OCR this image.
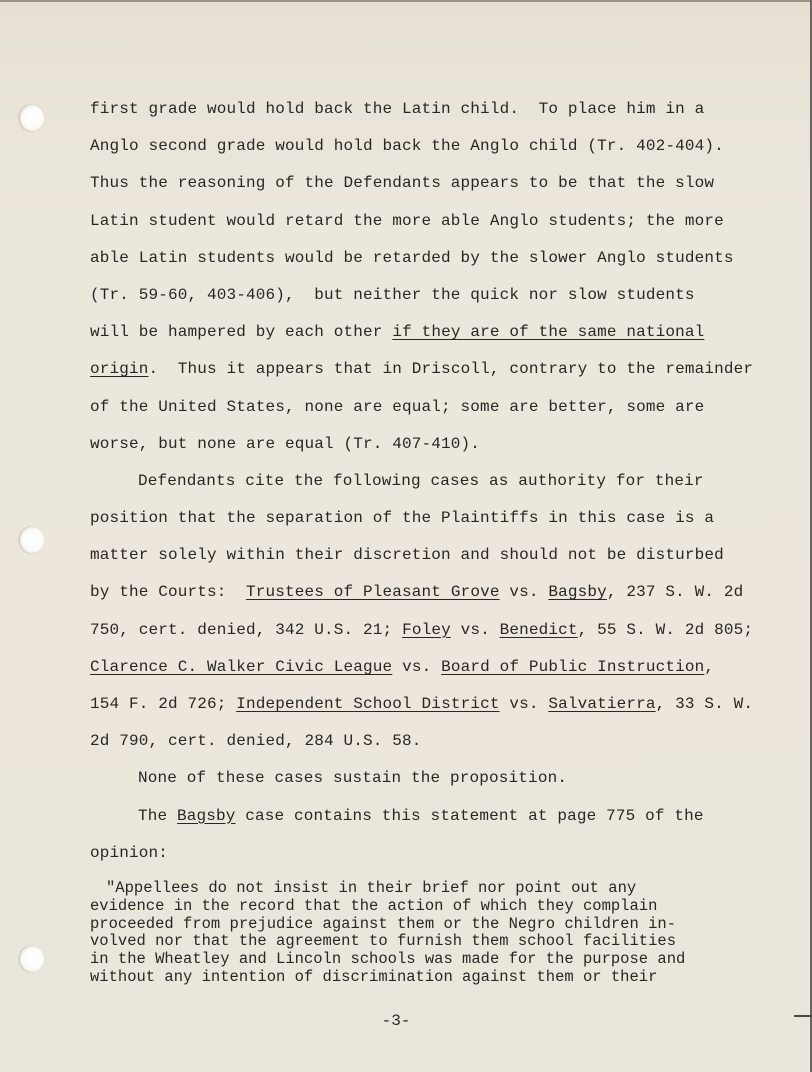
first grade would hold back the Latin child.  To place him in a
Anglo second grade would hold back the Anglo child (Tr. 402-404).
Thus the reasoning of the Defendants appears to be that the slow
Latin student would retard the more able Anglo students; the more
able Latin students would be retarded by the slower Anglo students
(Tr. 59-60, 403-406),  but neither the quick nor slow students
will be hampered by each other if they are of the same national
origin.  Thus it appears that in Driscoll, contrary to the remainder
of the United States, none are equal; some are better, some are
worse, but none are equal (Tr. 407-410).
Defendants cite the following cases as authority for their
position that the separation of the Plaintiffs in this case is a
matter solely within their discretion and should not be disturbed
by the Courts:  Trustees of Pleasant Grove vs. Bagsby, 237 S. W. 2d
750, cert. denied, 342 U.S. 21; Foley vs. Benedict, 55 S. W. 2d 805;
Clarence C. Walker Civic League vs. Board of Public Instruction,
154 F. 2d 726; Independent School District vs. Salvatierra, 33 S. W.
2d 790, cert. denied, 284 U.S. 58.
None of these cases sustain the proposition.
The Bagsby case contains this statement at page 775 of the
opinion:
"Appellees do not insist in their brief nor point out any
evidence in the record that the action of which they complain
proceeded from prejudice against them or the Negro children in-
volved nor that the agreement to furnish them school facilities
in the Wheatley and Lincoln schools was made for the purpose and
without any intention of discrimination against them or their
-3-
